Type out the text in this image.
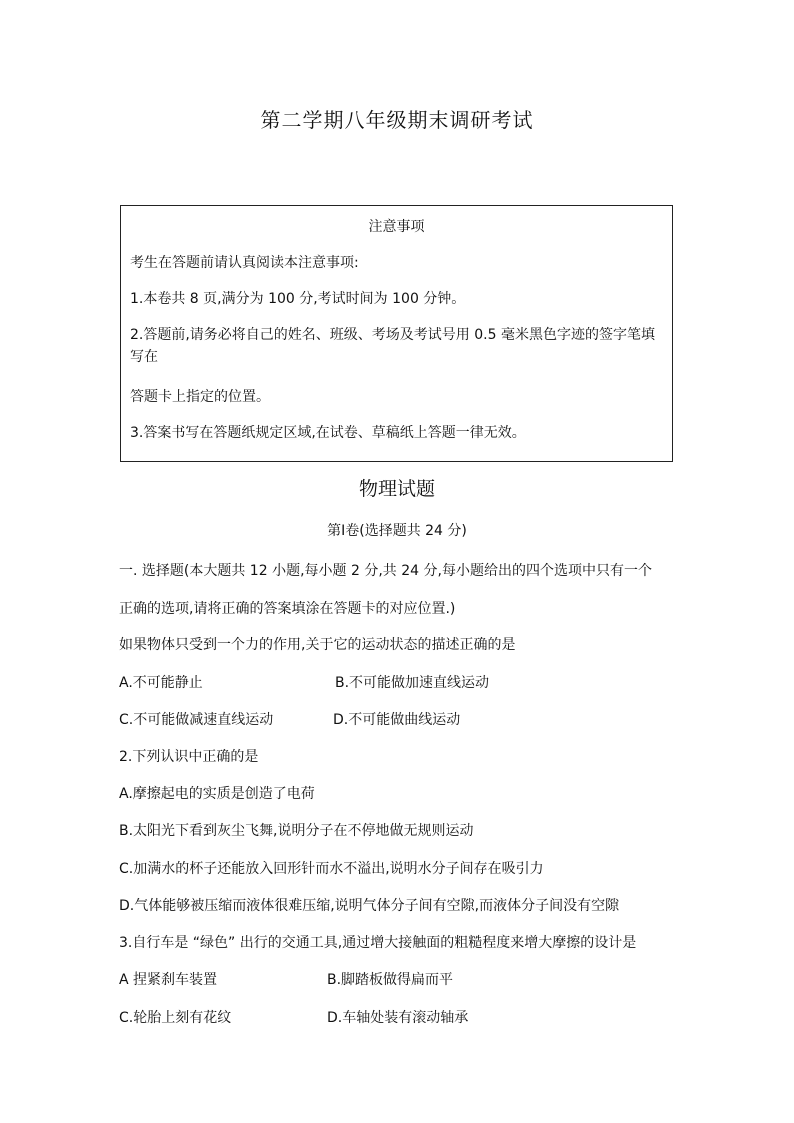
第二学期八年级期末调研考试
注意事项
考生在答题前请认真阅读本注意事项:
1.本卷共 8 页,满分为 100 分,考试时间为 100 分钟。
2.答题前,请务必将自己的姓名、班级、考场及考试号用 0.5 毫米黑色字迹的签字笔填写在
答题卡上指定的位置。
3.答案书写在答题纸规定区域,在试卷、草稿纸上答题一律无效。
物理试题
第Ⅰ卷(选择题共 24 分)
一. 选择题(本大题共 12 小题,每小题 2 分,共 24 分,每小题给出的四个选项中只有一个
正确的选项,请将正确的答案填涂在答题卡的对应位置.)
如果物体只受到一个力的作用,关于它的运动状态的描述正确的是
A.不可能静止	B.不可能做加速直线运动
C.不可能做减速直线运动	D.不可能做曲线运动
2.下列认识中正确的是
A.摩擦起电的实质是创造了电荷
B.太阳光下看到灰尘飞舞,说明分子在不停地做无规则运动
C.加满水的杯子还能放入回形针而水不溢出,说明水分子间存在吸引力
D.气体能够被压缩而液体很难压缩,说明气体分子间有空隙,而液体分子间没有空隙
3.自行车是 “绿色” 出行的交通工具,通过增大接触面的粗糙程度来增大摩擦的设计是
A 捏紧刹车装置	B.脚踏板做得扁而平
C.轮胎上刻有花纹	D.车轴处装有滚动轴承
